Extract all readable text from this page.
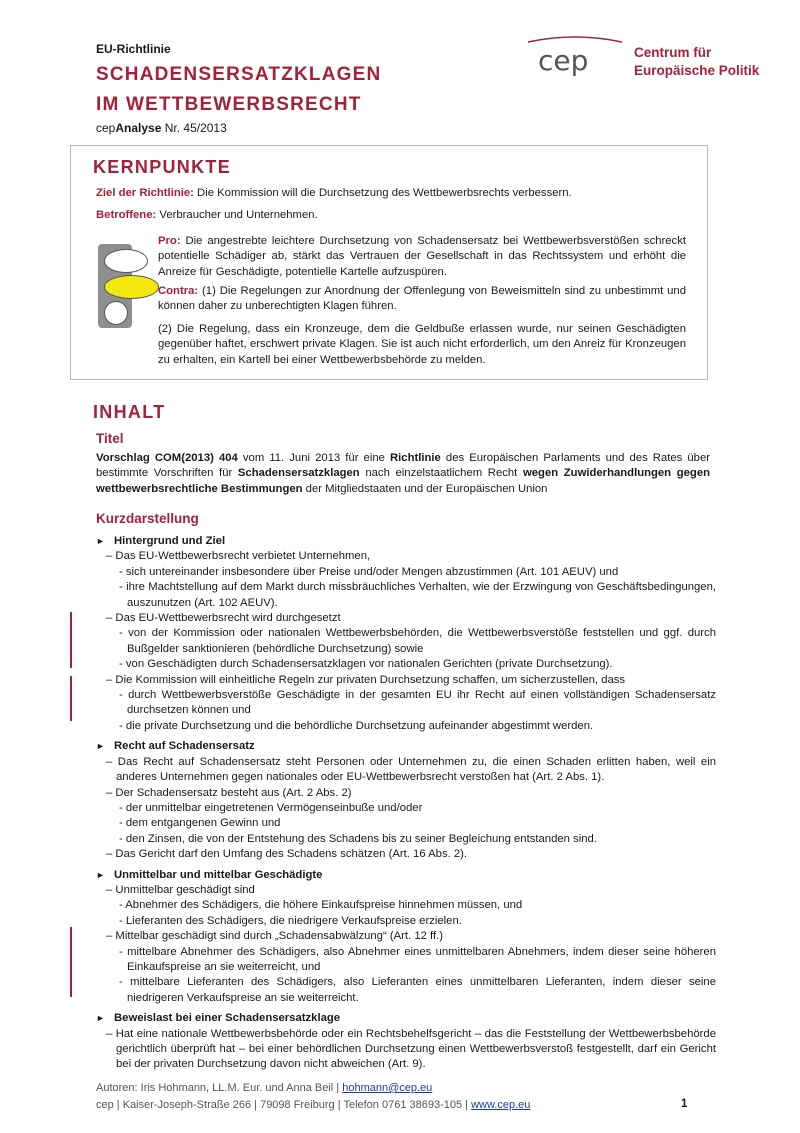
EU-Richtlinie
SCHADENSERSATZKLAGEN
IM WETTBEWERBSRECHT
cepAnalyse Nr. 45/2013
cep	Centrum für
Europäische Politik
KERNPUNKTE
Ziel der Richtlinie: Die Kommission will die Durchsetzung des Wettbewerbsrechts verbessern.
Betroffene: Verbraucher und Unternehmen.
Pro: Die angestrebte leichtere Durchsetzung von Schadensersatz bei Wettbewerbsverstößen schreckt potentielle Schädiger ab, stärkt das Vertrauen der Gesellschaft in das Rechtssystem und erhöht die Anreize für Geschädigte, potentielle Kartelle aufzuspüren.
Contra: (1) Die Regelungen zur Anordnung der Offenlegung von Beweismitteln sind zu unbestimmt und können daher zu unberechtigten Klagen führen.
(2) Die Regelung, dass ein Kronzeuge, dem die Geldbuße erlassen wurde, nur seinen Geschädigten gegenüber haftet, erschwert private Klagen. Sie ist auch nicht erforderlich, um den Anreiz für Kronzeugen zu erhalten, ein Kartell bei einer Wettbewerbsbehörde zu melden.
INHALT
Titel
Vorschlag COM(2013) 404 vom 11. Juni 2013 für eine Richtlinie des Europäischen Parlaments und des Rates über bestimmte Vorschriften für Schadensersatzklagen nach einzelstaatlichem Recht wegen Zuwiderhandlungen gegen wettbewerbsrechtliche Bestimmungen der Mitgliedstaaten und der Europäischen Union
Kurzdarstellung
► Hintergrund und Ziel
– Das EU-Wettbewerbsrecht verbietet Unternehmen,
- sich untereinander insbesondere über Preise und/oder Mengen abzustimmen (Art. 101 AEUV) und
- ihre Machtstellung auf dem Markt durch missbräuchliches Verhalten, wie der Erzwingung von Geschäftsbedingungen, auszunutzen (Art. 102 AEUV).
– Das EU-Wettbewerbsrecht wird durchgesetzt
- von der Kommission oder nationalen Wettbewerbsbehörden, die Wettbewerbsverstöße feststellen und ggf. durch Bußgelder sanktionieren (behördliche Durchsetzung) sowie
- von Geschädigten durch Schadensersatzklagen vor nationalen Gerichten (private Durchsetzung).
– Die Kommission will einheitliche Regeln zur privaten Durchsetzung schaffen, um sicherzustellen, dass
- durch Wettbewerbsverstöße Geschädigte in der gesamten EU ihr Recht auf einen vollständigen Schadensersatz durchsetzen können und
- die private Durchsetzung und die behördliche Durchsetzung aufeinander abgestimmt werden.
► Recht auf Schadensersatz
– Das Recht auf Schadensersatz steht Personen oder Unternehmen zu, die einen Schaden erlitten haben, weil ein anderes Unternehmen gegen nationales oder EU-Wettbewerbsrecht verstoßen hat (Art. 2 Abs. 1).
– Der Schadensersatz besteht aus (Art. 2 Abs. 2)
- der unmittelbar eingetretenen Vermögenseinbuße und/oder
- dem entgangenen Gewinn und
- den Zinsen, die von der Entstehung des Schadens bis zu seiner Begleichung entstanden sind.
– Das Gericht darf den Umfang des Schadens schätzen (Art. 16 Abs. 2).
► Unmittelbar und mittelbar Geschädigte
– Unmittelbar geschädigt sind
- Abnehmer des Schädigers, die höhere Einkaufspreise hinnehmen müssen, und
- Lieferanten des Schädigers, die niedrigere Verkaufspreise erzielen.
– Mittelbar geschädigt sind durch „Schadensabwälzung“ (Art. 12 ff.)
- mittelbare Abnehmer des Schädigers, also Abnehmer eines unmittelbaren Abnehmers, indem dieser seine höheren Einkaufspreise an sie weiterreicht, und
- mittelbare Lieferanten des Schädigers, also Lieferanten eines unmittelbaren Lieferanten, indem dieser seine niedrigeren Verkaufspreise an sie weiterreicht.
► Beweislast bei einer Schadensersatzklage
– Hat eine nationale Wettbewerbsbehörde oder ein Rechtsbehelfsgericht – das die Feststellung der Wettbewerbsbehörde gerichtlich überprüft hat – bei einer behördlichen Durchsetzung einen Wettbewerbsverstoß festgestellt, darf ein Gericht bei der privaten Durchsetzung davon nicht abweichen (Art. 9).
Autoren: Iris Hohmann, LL.M. Eur. und Anna Beil | hohmann@cep.eu
cep | Kaiser-Joseph-Straße 266 | 79098 Freiburg | Telefon 0761 38693-105 | www.cep.eu	1
